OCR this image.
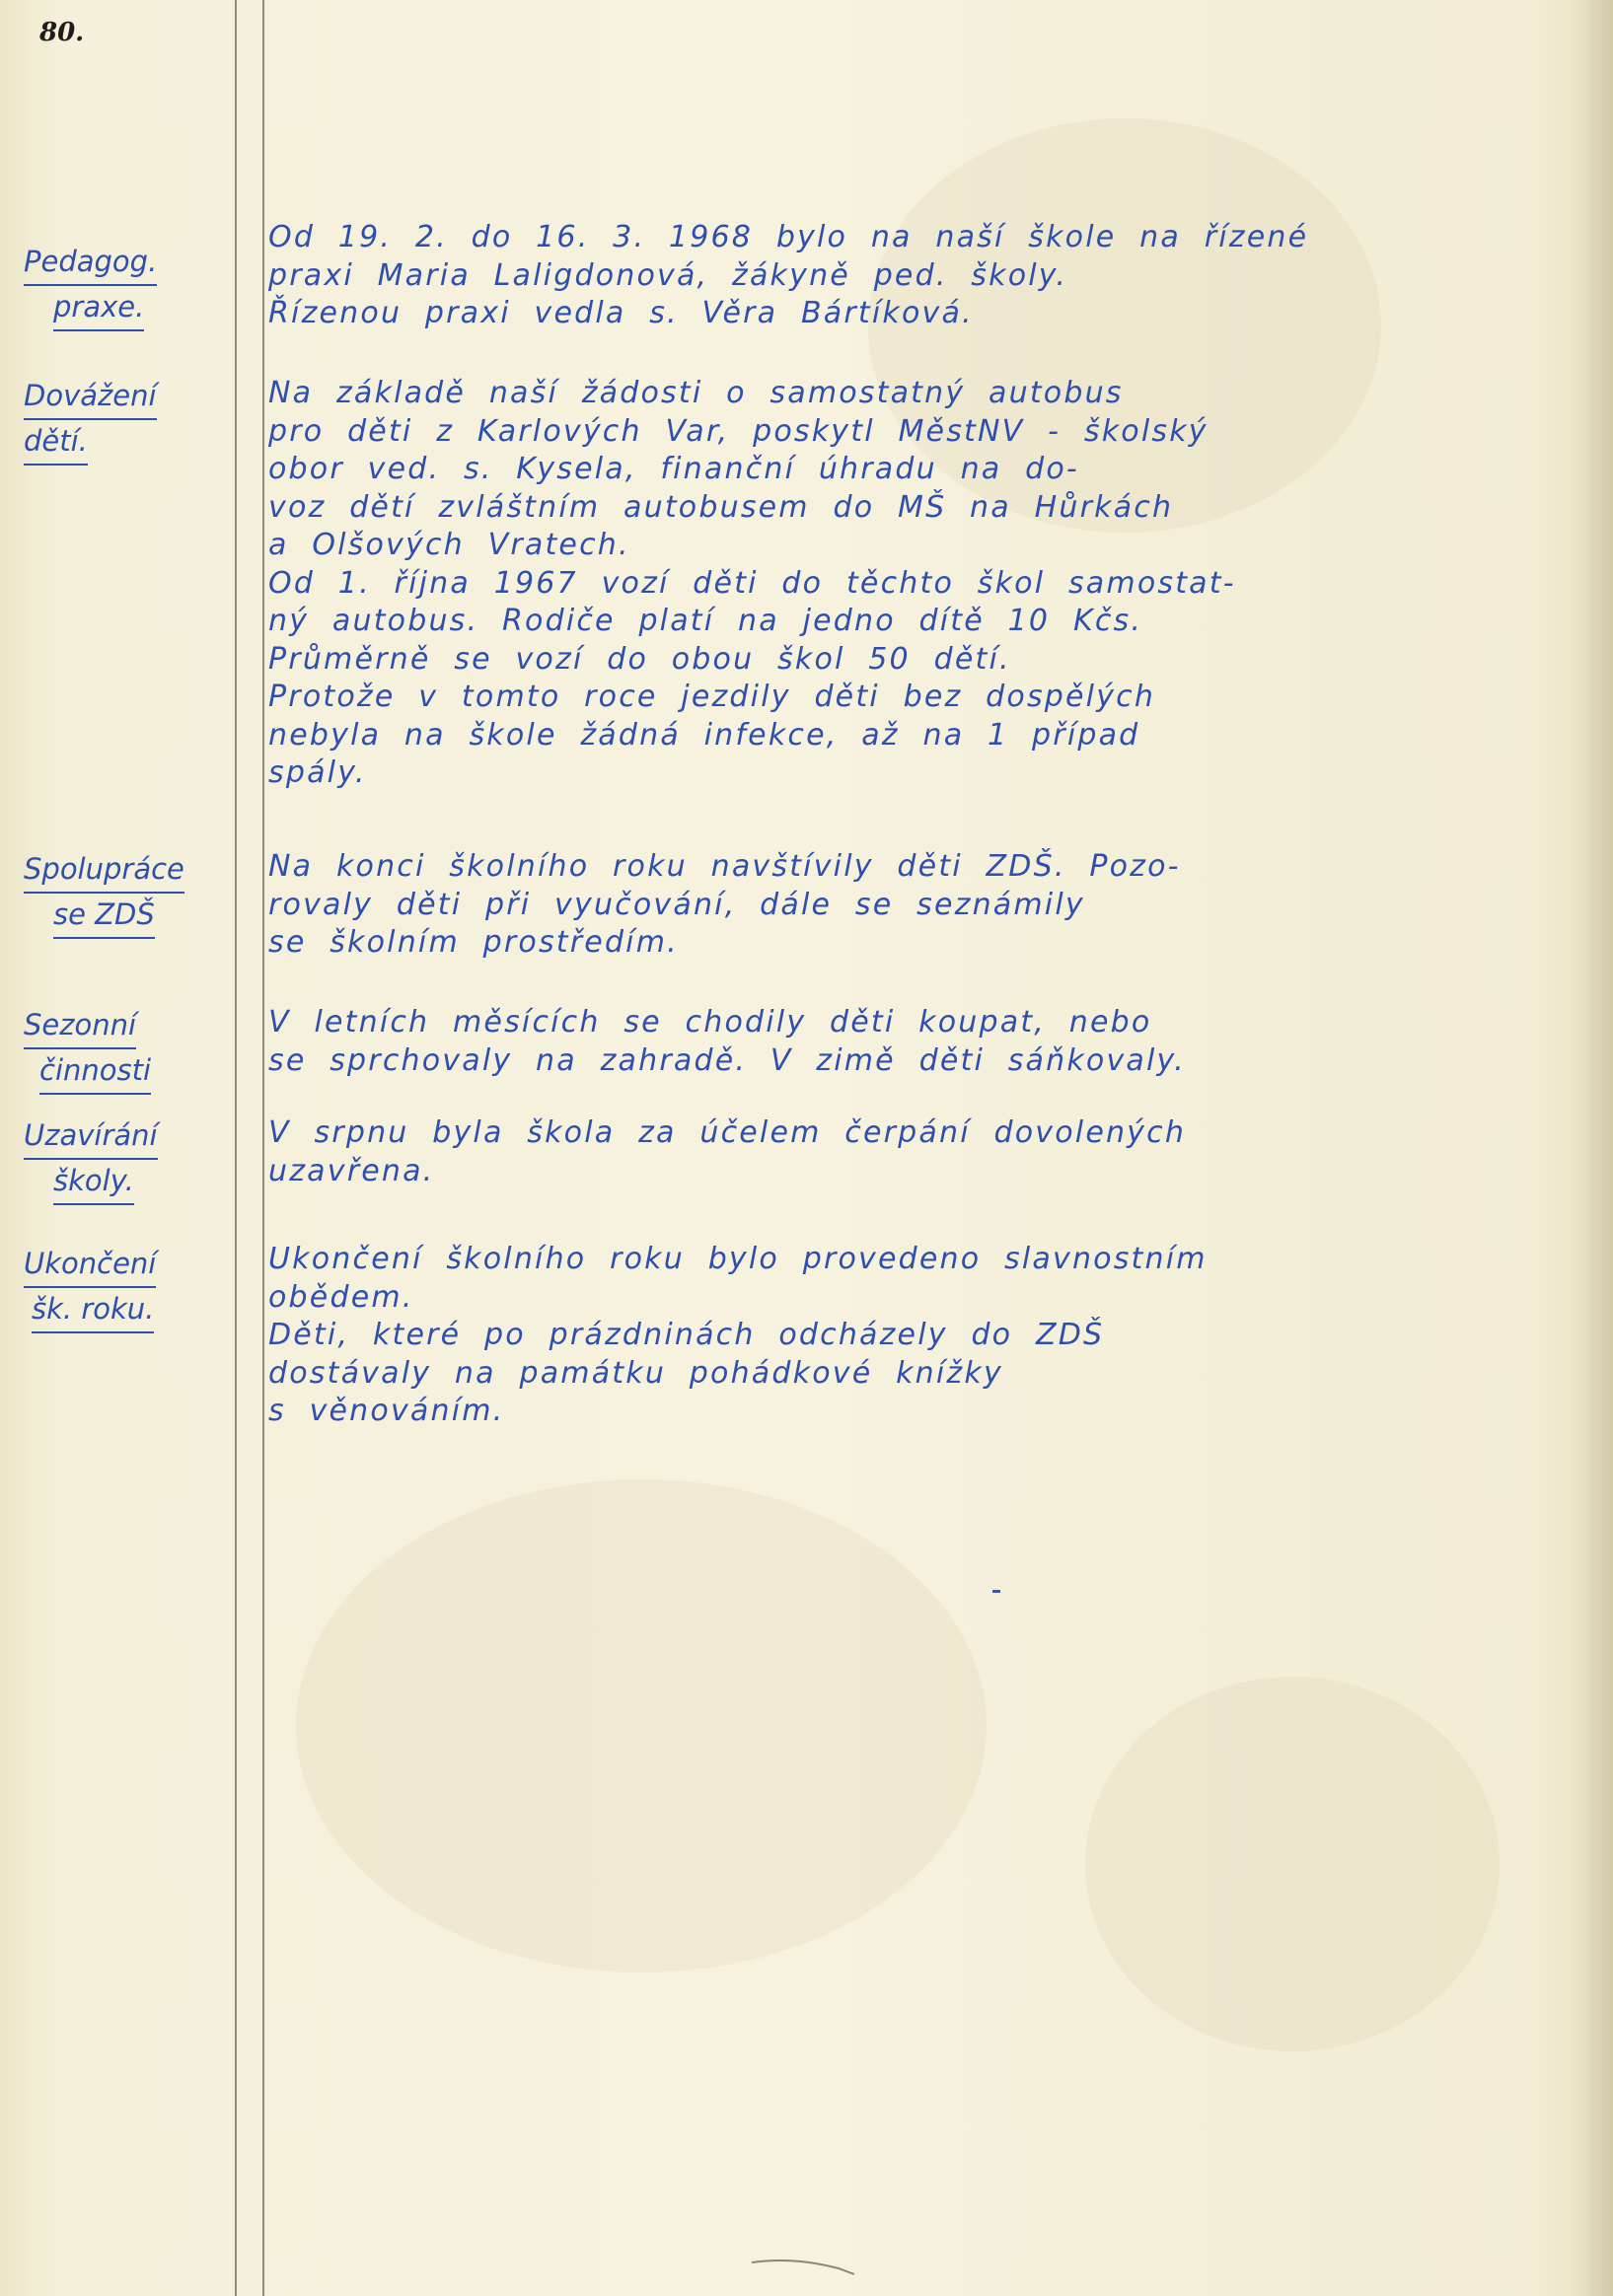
80.
Pedagog.
praxe.
Od 19. 2. do 16. 3. 1968 bylo na naší škole na řízené
praxi Maria Laligdonová, žákyně ped. školy.
Řízenou praxi vedla s. Věra Bártíková.
Dovážení
dětí.
Na základě naší žádosti o samostatný autobus
pro děti z Karlových Var, poskytl MěstNV - školský
obor ved. s. Kysela, finanční úhradu na do-
voz dětí zvláštním autobusem do MŠ na Hůrkách
a Olšových Vratech.
Od 1. října 1967 vozí děti do těchto škol samostat-
ný autobus. Rodiče platí na jedno dítě 10 Kčs.
Průměrně se vozí do obou škol 50 dětí.
Protože v tomto roce jezdily děti bez dospělých
nebyla na škole žádná infekce, až na 1 případ
spály.
Spolupráce
se ZDŠ
Na konci školního roku navštívily děti ZDŠ. Pozo-
rovaly děti při vyučování, dále se seznámily
se školním prostředím.
Sezonní
činnosti
V letních měsících se chodily děti koupat, nebo
se sprchovaly na zahradě. V zimě děti sáňkovaly.
Uzavírání
školy.
V srpnu byla škola za účelem čerpání dovolených
uzavřena.
Ukončení
šk. roku.
Ukončení školního roku bylo provedeno slavnostním
obědem.
Děti, které po prázdninách odcházely do ZDŠ
dostávaly na památku pohádkové knížky
s věnováním.
